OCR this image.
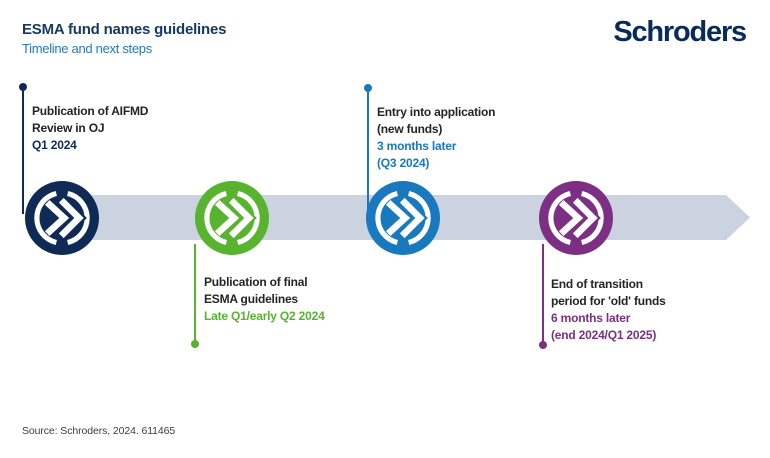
ESMA fund names guidelines
Timeline and next steps
Schroders
Publication of AIFMD
Review in OJ
Q1 2024
Publication of final
ESMA guidelines
Late Q1/early Q2 2024
Entry into application
(new funds)
3 months later
(Q3 2024)
End of transition
period for 'old' funds
6 months later
(end 2024/Q1 2025)
Source: Schroders, 2024. 611465
